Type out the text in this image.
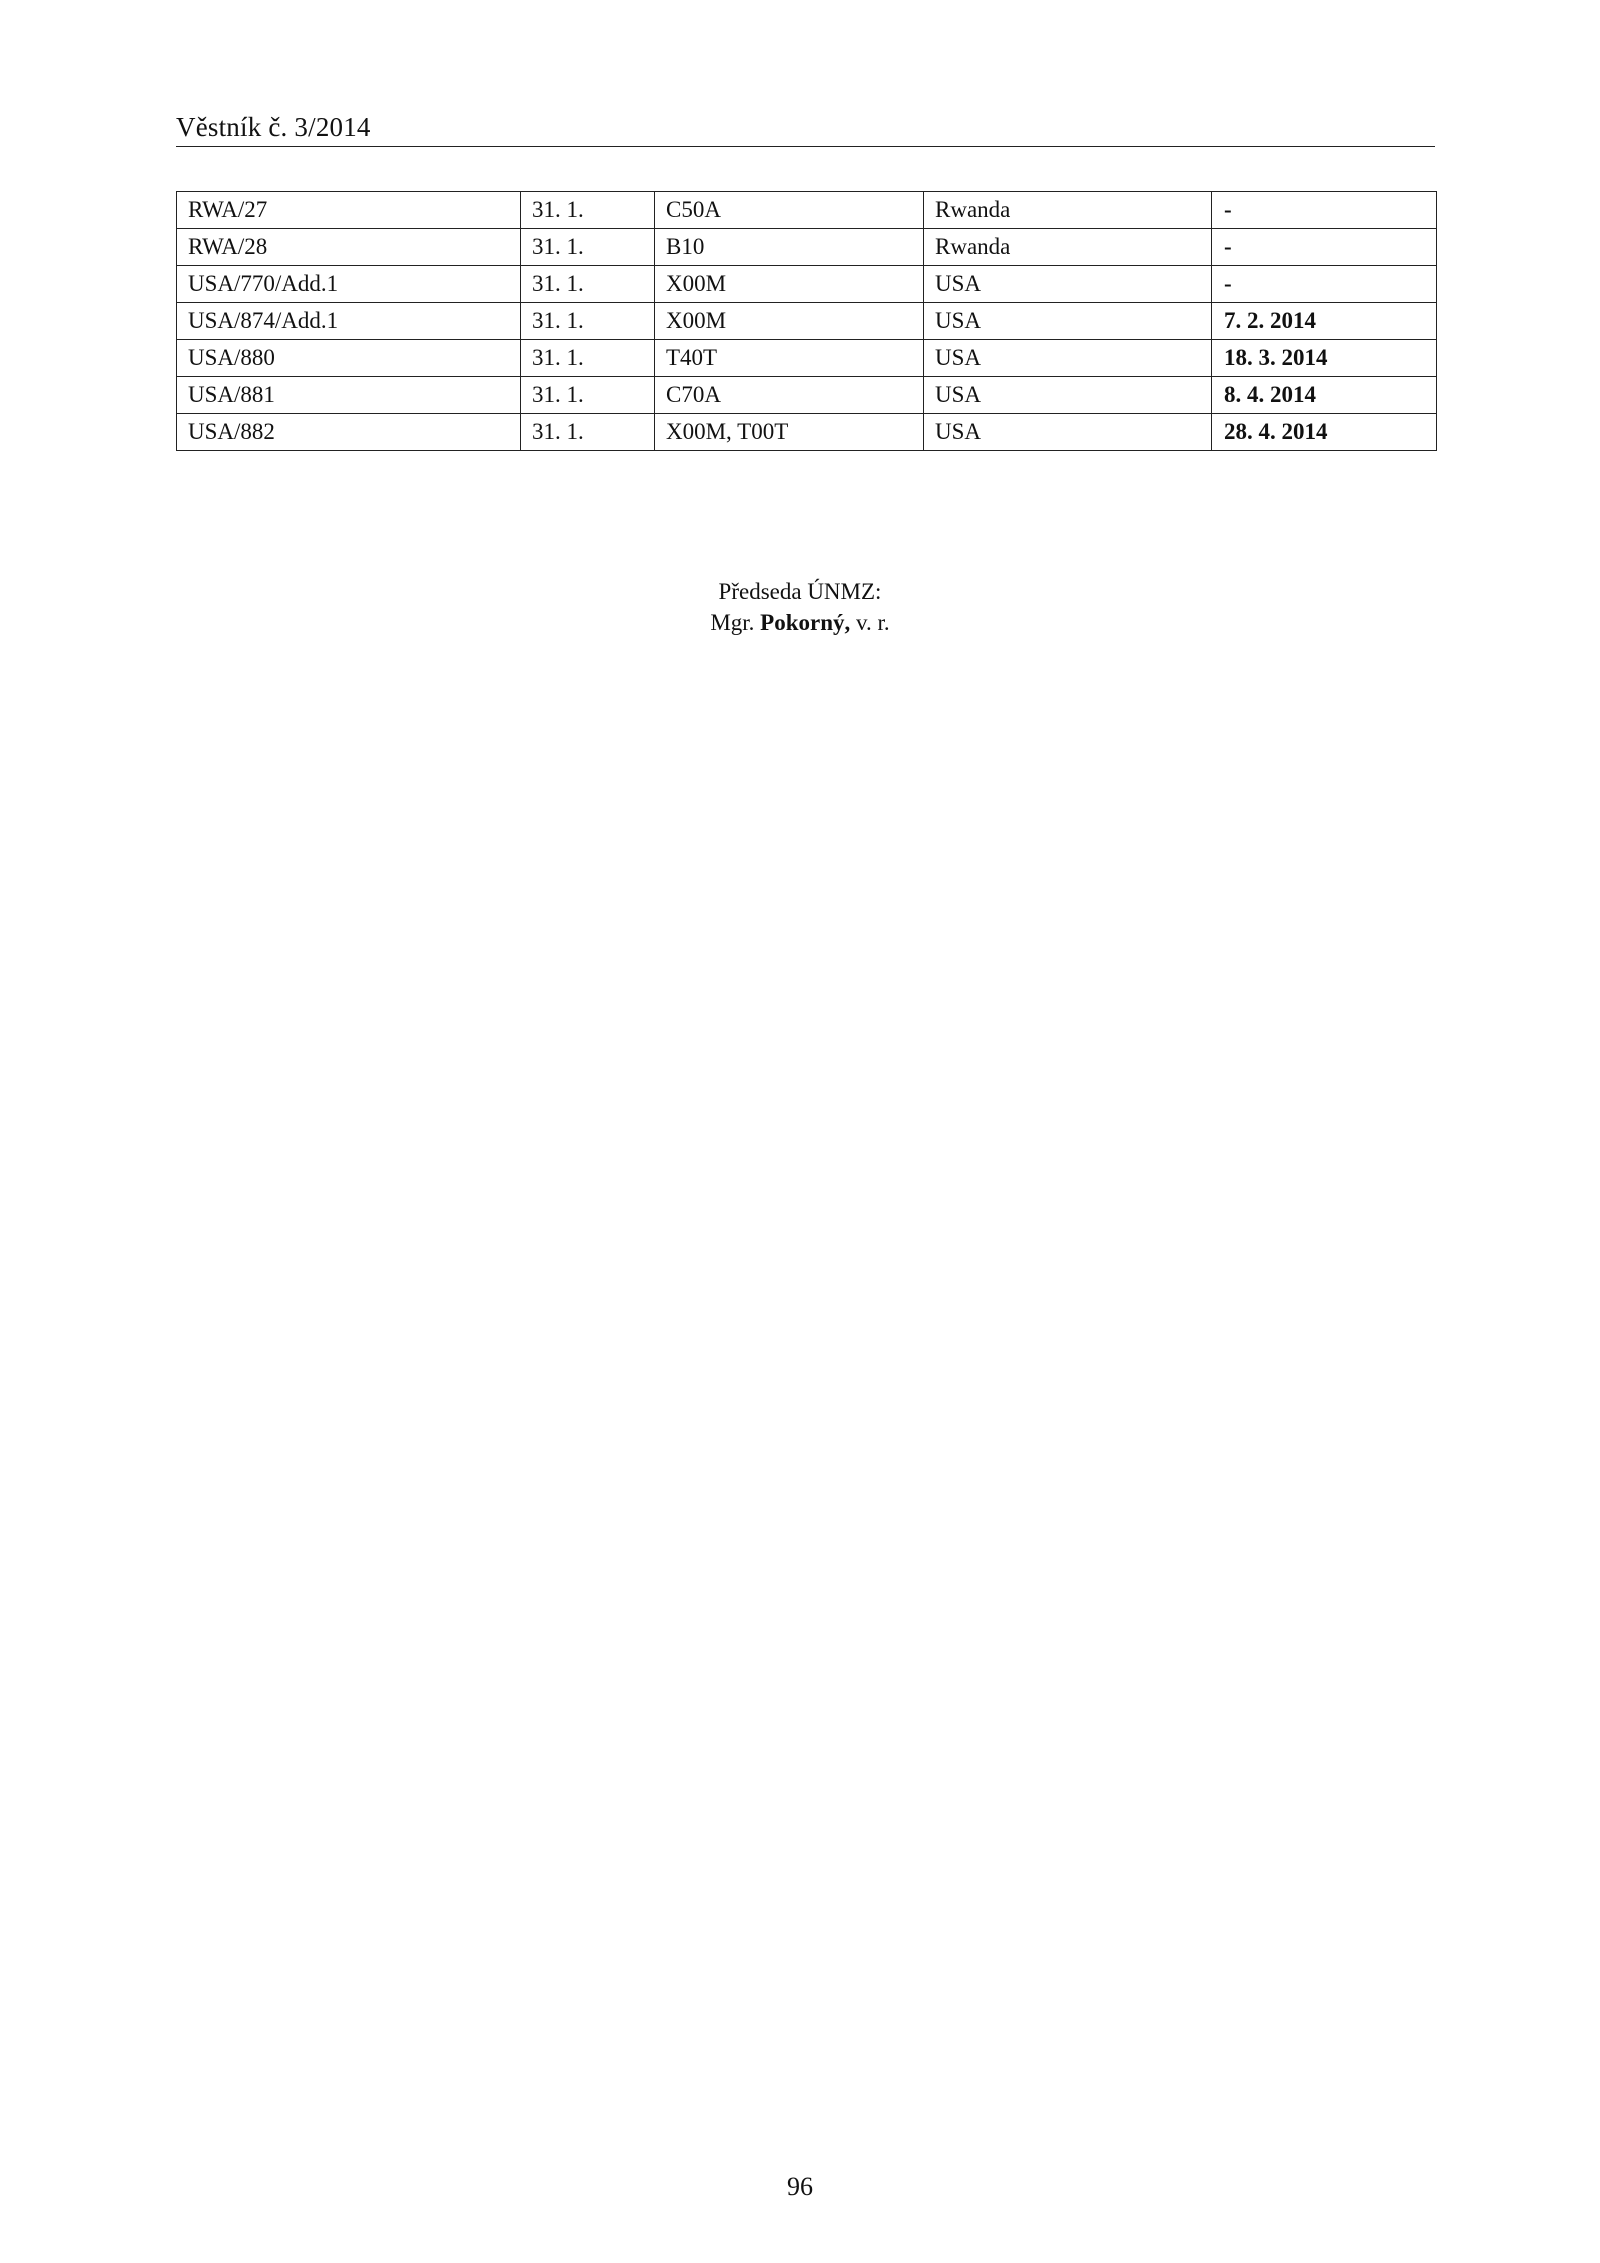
Věstník č. 3/2014
RWA/27	31. 1.	C50A	Rwanda	-
RWA/28	31. 1.	B10	Rwanda	-
USA/770/Add.1	31. 1.	X00M	USA	-
USA/874/Add.1	31. 1.	X00M	USA	7. 2. 2014
USA/880	31. 1.	T40T	USA	18. 3. 2014
USA/881	31. 1.	C70A	USA	8. 4. 2014
USA/882	31. 1.	X00M, T00T	USA	28. 4. 2014
Předseda ÚNMZ:
Mgr. Pokorný, v. r.
96
